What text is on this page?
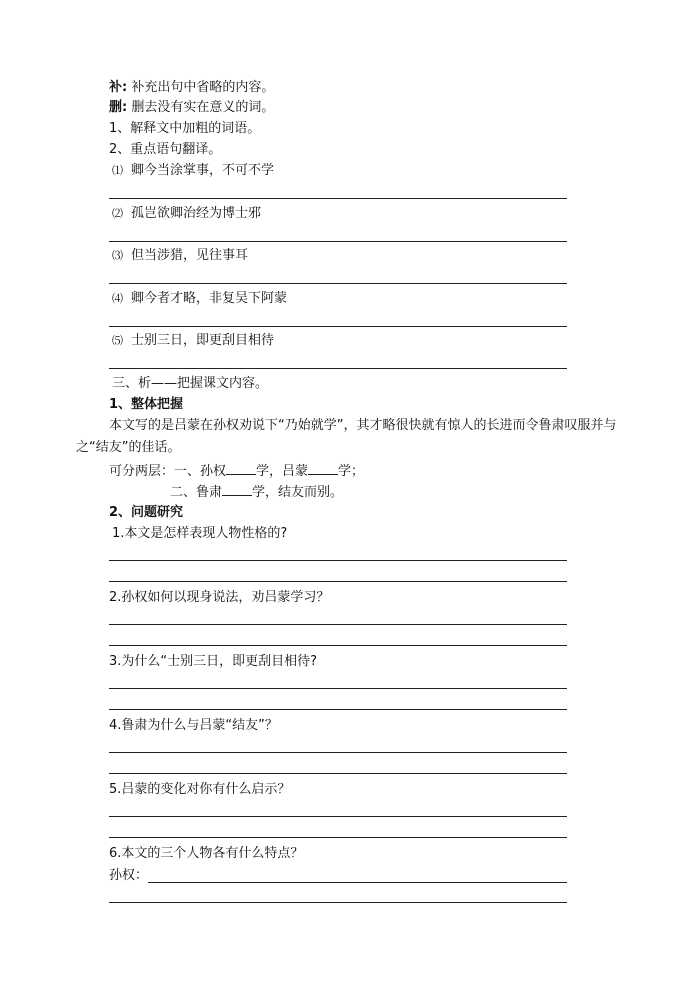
补: 补充出句中省略的内容。
删: 删去没有实在意义的词。
1、解释文中加粗的词语。
2、重点语句翻译。
⑴ 卿今当涂掌事，不可不学
⑵ 孤岂欲卿治经为博士邪
⑶ 但当涉猎，见往事耳
⑷ 卿今者才略，非复吴下阿蒙
⑸ 士别三日，即更刮目相待
三、析——把握课文内容。
1、整体把握
本文写的是吕蒙在孙权劝说下“乃始就学”，其才略很快就有惊人的长进而令鲁肃叹服并与
之“结友”的佳话。
可分两层：一、孙权 学，吕蒙 学；
二、鲁肃 学，结友而别。
2、问题研究
1.本文是怎样表现人物性格的?
2.孙权如何以现身说法，劝吕蒙学习？
3.为什么“士别三日，即更刮目相待?
4.鲁肃为什么与吕蒙“结友”？
5.吕蒙的变化对你有什么启示？
6.本文的三个人物各有什么特点？
孙权：
